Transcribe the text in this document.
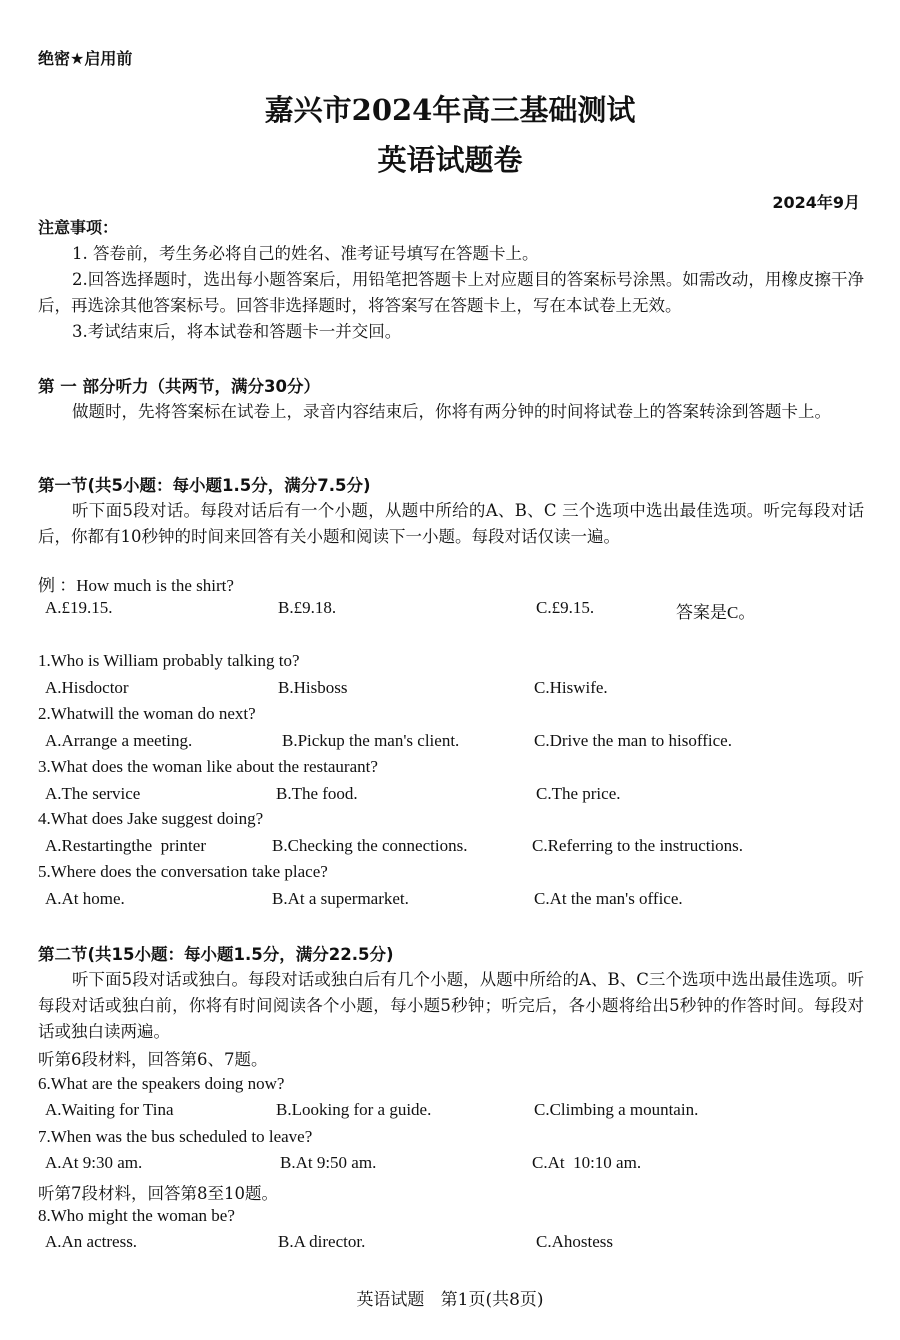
绝密★启用前
嘉兴市2024年高三基础测试
英语试题卷
2024年9月
注意事项：
1. 答卷前，考生务必将自己的姓名、准考证号填写在答题卡上。
2.回答选择题时，选出每小题答案后，用铅笔把答题卡上对应题目的答案标号涂黑。如需改动，用橡皮擦干净后，再选涂其他答案标号。回答非选择题时，将答案写在答题卡上，写在本试卷上无效。
3.考试结束后，将本试卷和答题卡一并交回。
第 一 部分听力（共两节，满分30分）
做题时，先将答案标在试卷上，录音内容结束后，你将有两分钟的时间将试卷上的答案转涂到答题卡上。
第一节(共5小题：每小题1.5分，满分7.5分)
听下面5段对话。每段对话后有一个小题，从题中所给的A、B、C 三个选项中选出最佳选项。听完每段对话后，你都有10秒钟的时间来回答有关小题和阅读下一小题。每段对话仅读一遍。
例 ：How much is the shirt?
A.£19.15.	B.£9.18.	C.£9.15.	答案是C。
1.Who is William probably talking to?
A.Hisdoctor	B.Hisboss	C.Hiswife.
2.Whatwill the woman do next?
A.Arrange a meeting.	B.Pickup the man's client.	C.Drive the man to hisoffice.
3.What does the woman like about the restaurant?
A.The service	B.The food.	C.The price.
4.What does Jake suggest doing?
A.Restartingthe  printer	B.Checking the connections.	C.Referring to the instructions.
5.Where does the conversation take place?
A.At home.	B.At a supermarket.	C.At the man's office.
第二节(共15小题：每小题1.5分，满分22.5分)
听下面5段对话或独白。每段对话或独白后有几个小题，从题中所给的A、B、C三个选项中选出最佳选项。听每段对话或独白前，你将有时间阅读各个小题，每小题5秒钟；听完后，各小题将给出5秒钟的作答时间。每段对话或独白读两遍。
听第6段材料，回答第6、7题。
6.What are the speakers doing now?
A.Waiting for Tina	B.Looking for a guide.	C.Climbing a mountain.
7.When was the bus scheduled to leave?
A.At 9:30 am.	B.At 9:50 am.	C.At  10:10 am.
听第7段材料，回答第8至10题。
8.Who might the woman be?
A.An actress.	B.A director.	C.Ahostess
英语试题   第1页(共8页)
